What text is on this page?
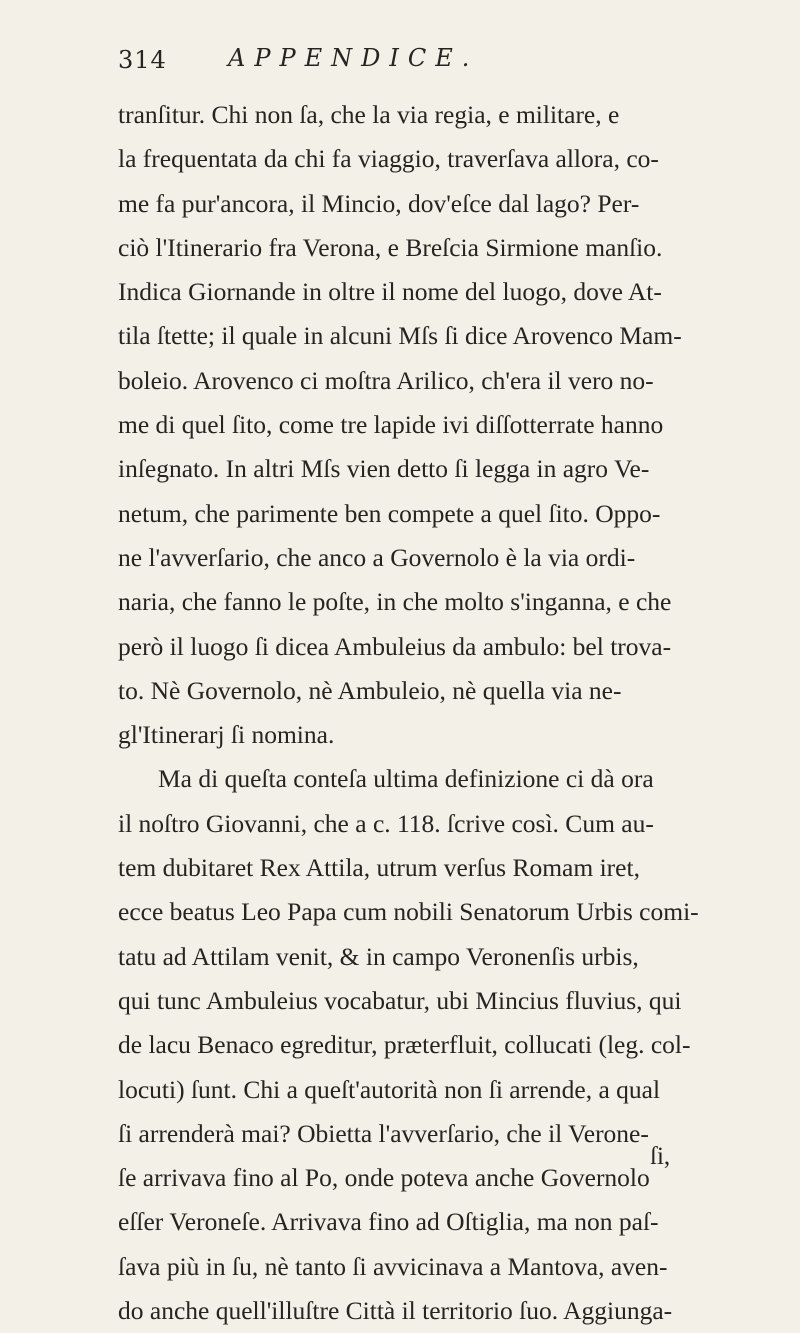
314	APPENDICE.
tranſitur. Chi non ſa, che la via regia, e militare, e
la frequentata da chi fa viaggio, traverſava allora, co-
me fa pur'ancora, il Mincio, dov'eſce dal lago? Per-
ciò l'Itinerario fra Verona, e Breſcia Sirmione manſio.
Indica Giornande in oltre il nome del luogo, dove At-
tila ſtette; il quale in alcuni Mſs ſi dice Arovenco Mam-
boleio. Arovenco ci moſtra Arilico, ch'era il vero no-
me di quel ſito, come tre lapide ivi diſſotterrate hanno
inſegnato. In altri Mſs vien detto ſi legga in agro Ve-
netum, che parimente ben compete a quel ſito. Oppo-
ne l'avverſario, che anco a Governolo è la via ordi-
naria, che fanno le poſte, in che molto s'inganna, e che
però il luogo ſi dicea Ambuleius da ambulo: bel trova-
to. Nè Governolo, nè Ambuleio, nè quella via ne-
gl'Itinerarj ſi nomina.
Ma di queſta conteſa ultima definizione ci dà ora
il noſtro Giovanni, che a c. 118. ſcrive così. Cum au-
tem dubitaret Rex Attila, utrum verſus Romam iret,
ecce beatus Leo Papa cum nobili Senatorum Urbis comi-
tatu ad Attilam venit, & in campo Veronenſis urbis,
qui tunc Ambuleius vocabatur, ubi Mincius fluvius, qui
de lacu Benaco egreditur, præterfluit, collucati (leg. col-
locuti) ſunt. Chi a queſt'autorità non ſi arrende, a qual
ſi arrenderà mai? Obietta l'avverſario, che il Verone-
ſe arrivava fino al Po, onde poteva anche Governolo
eſſer Veroneſe. Arrivava fino ad Oſtiglia, ma non paſ-
ſava più in ſu, nè tanto ſi avvicinava a Mantova, aven-
do anche quell'illuſtre Città il territorio ſuo. Aggiunga-
ſi,
